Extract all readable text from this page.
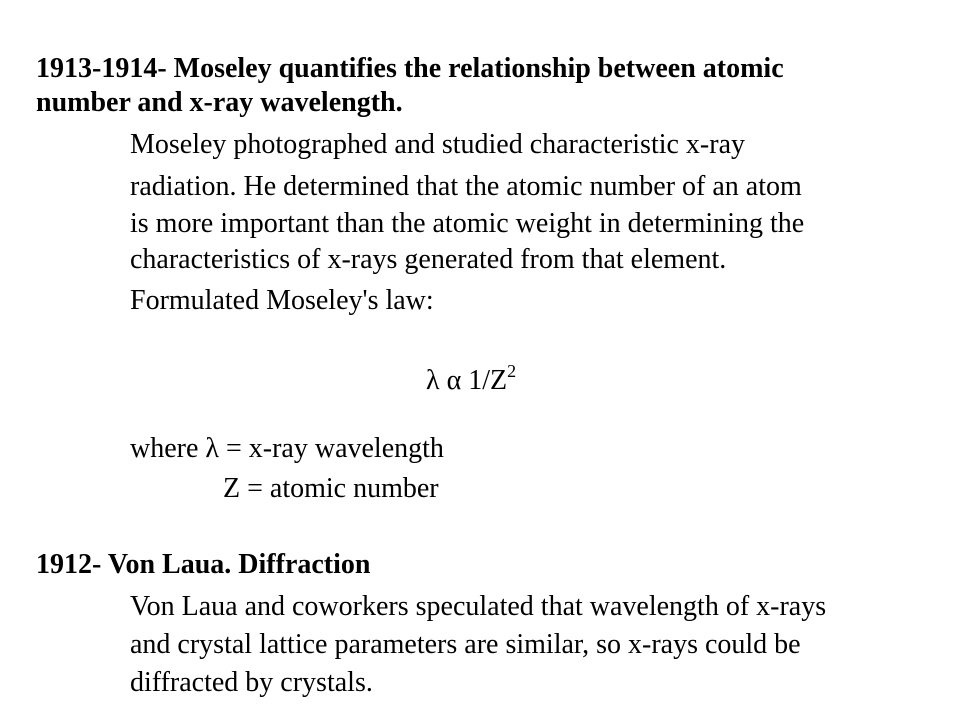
1913-1914- Moseley quantifies the relationship between atomic
number and x-ray wavelength.
Moseley photographed and studied characteristic x-ray
radiation. He determined that the atomic number of an atom
is more important than the atomic weight in determining the
characteristics of x-rays generated from that element.
Formulated Moseley's law:
λ α $1/Z^2$
where λ = x-ray wavelength
Z = atomic number
1912- Von Laua. Diffraction
Von Laua and coworkers speculated that wavelength of x-rays
and crystal lattice parameters are similar, so x-rays could be
diffracted by crystals.
